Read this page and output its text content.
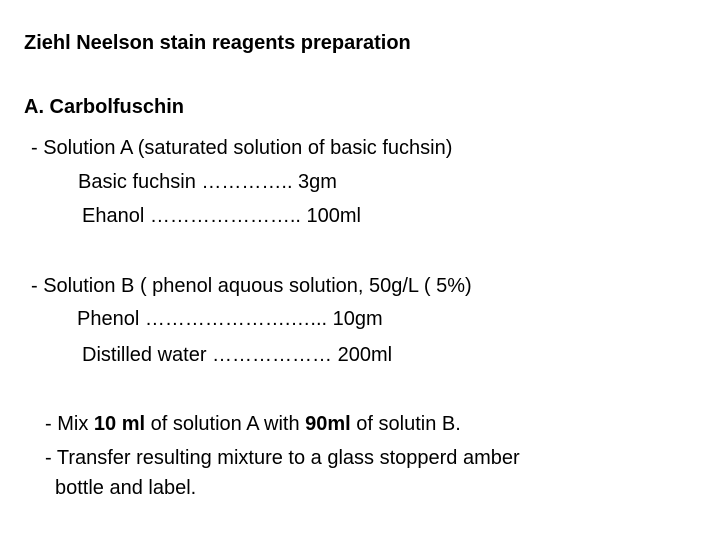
Ziehl Neelson stain reagents preparation
A. Carbolfuschin
- Solution A (saturated solution of basic fuchsin)
Basic fuchsin ………….. 3gm
Ehanol ………………….. 100ml
- Solution B ( phenol aquous solution, 50g/L ( 5%)
Phenol ………………….…... 10gm
Distilled water ……………… 200ml
- Mix 10 ml of solution A with 90ml of solutin B.
- Transfer resulting mixture to a glass stopperd amber
bottle and label.
